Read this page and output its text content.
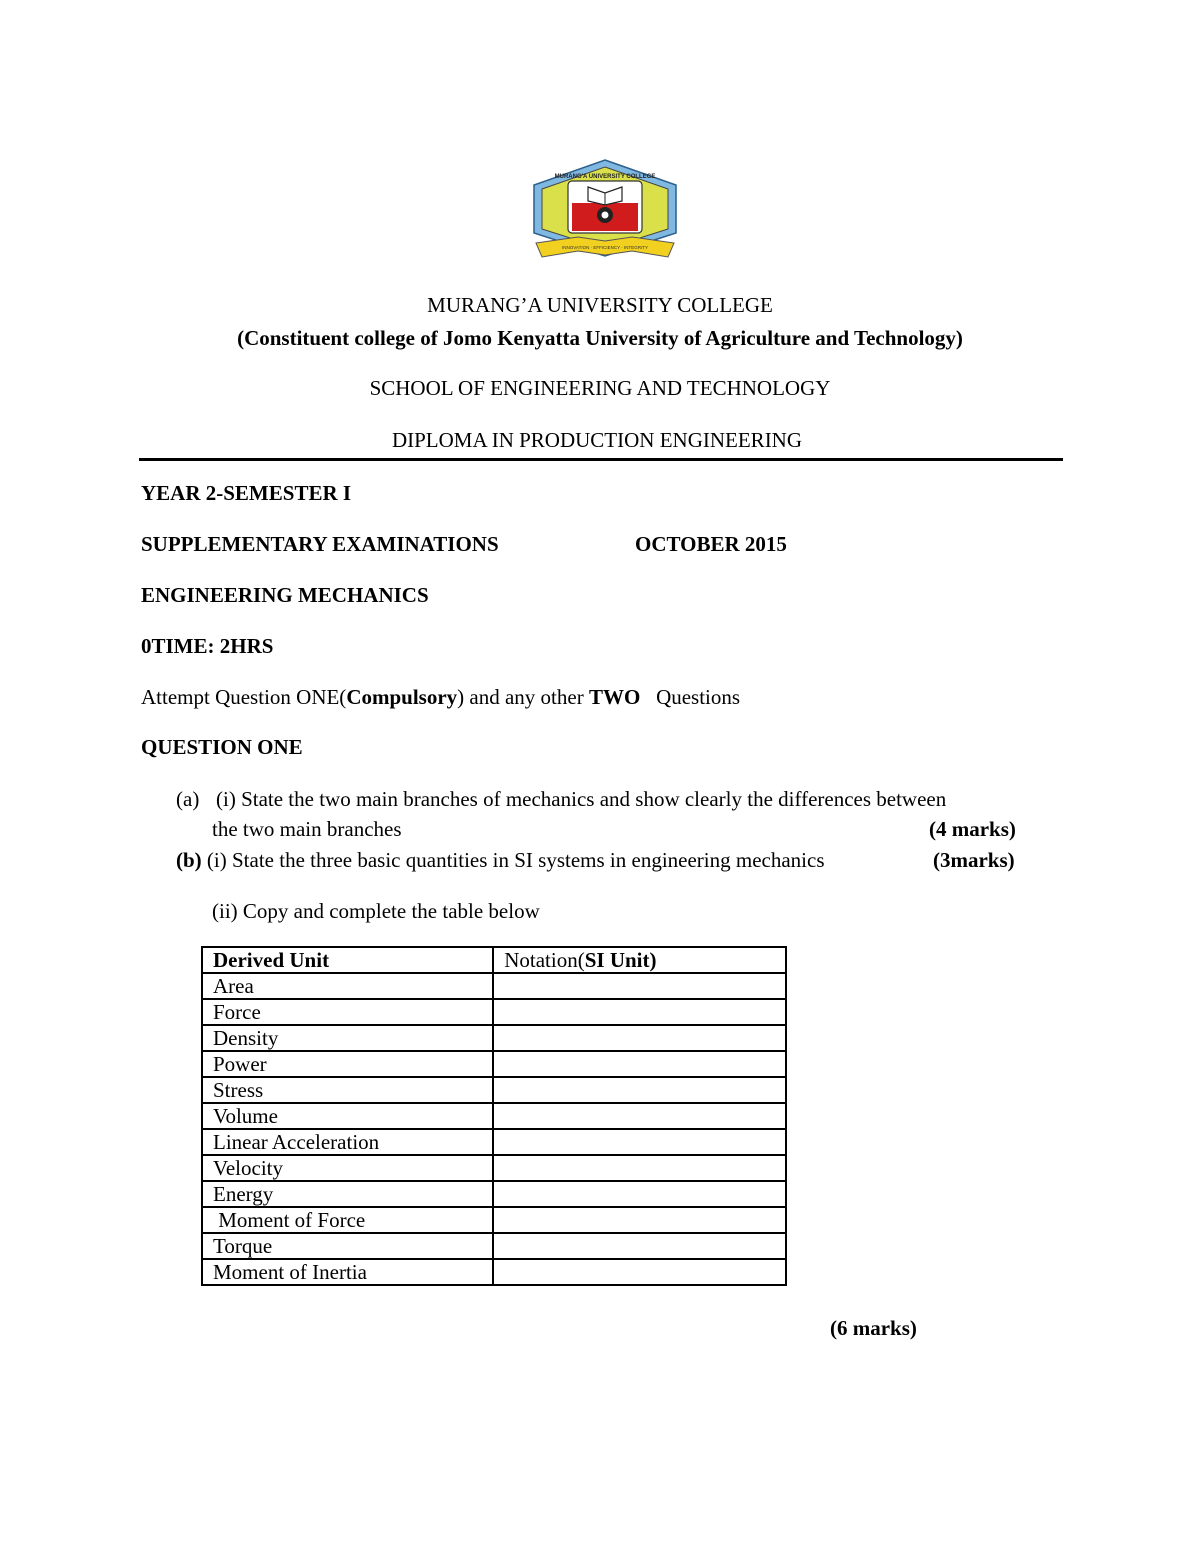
MURANG'A UNIVERSITY COLLEGE
INNOVATION · EFFICIENCY · INTEGRITY
MURANG’A UNIVERSITY COLLEGE
(Constituent college of Jomo Kenyatta University of Agriculture and Technology)
SCHOOL OF ENGINEERING AND TECHNOLOGY
DIPLOMA IN PRODUCTION ENGINEERING
YEAR 2-SEMESTER I
SUPPLEMENTARY EXAMINATIONS	OCTOBER 2015
ENGINEERING MECHANICS
0TIME: 2HRS
Attempt Question ONE(Compulsory) and any other TWO   Questions
QUESTION ONE
(a) (i) State the two main branches of mechanics and show clearly the differences between
the two main branches	(4 marks)
(b) (i) State the three basic quantities in SI systems in engineering mechanics	(3marks)
(ii) Copy and complete the table below
Derived Unit	Notation(SI Unit)
Area	
Force	
Density	
Power	
Stress	
Volume	
Linear Acceleration	
Velocity	
Energy	
Moment of Force	
Torque	
Moment of Inertia	
(6 marks)
